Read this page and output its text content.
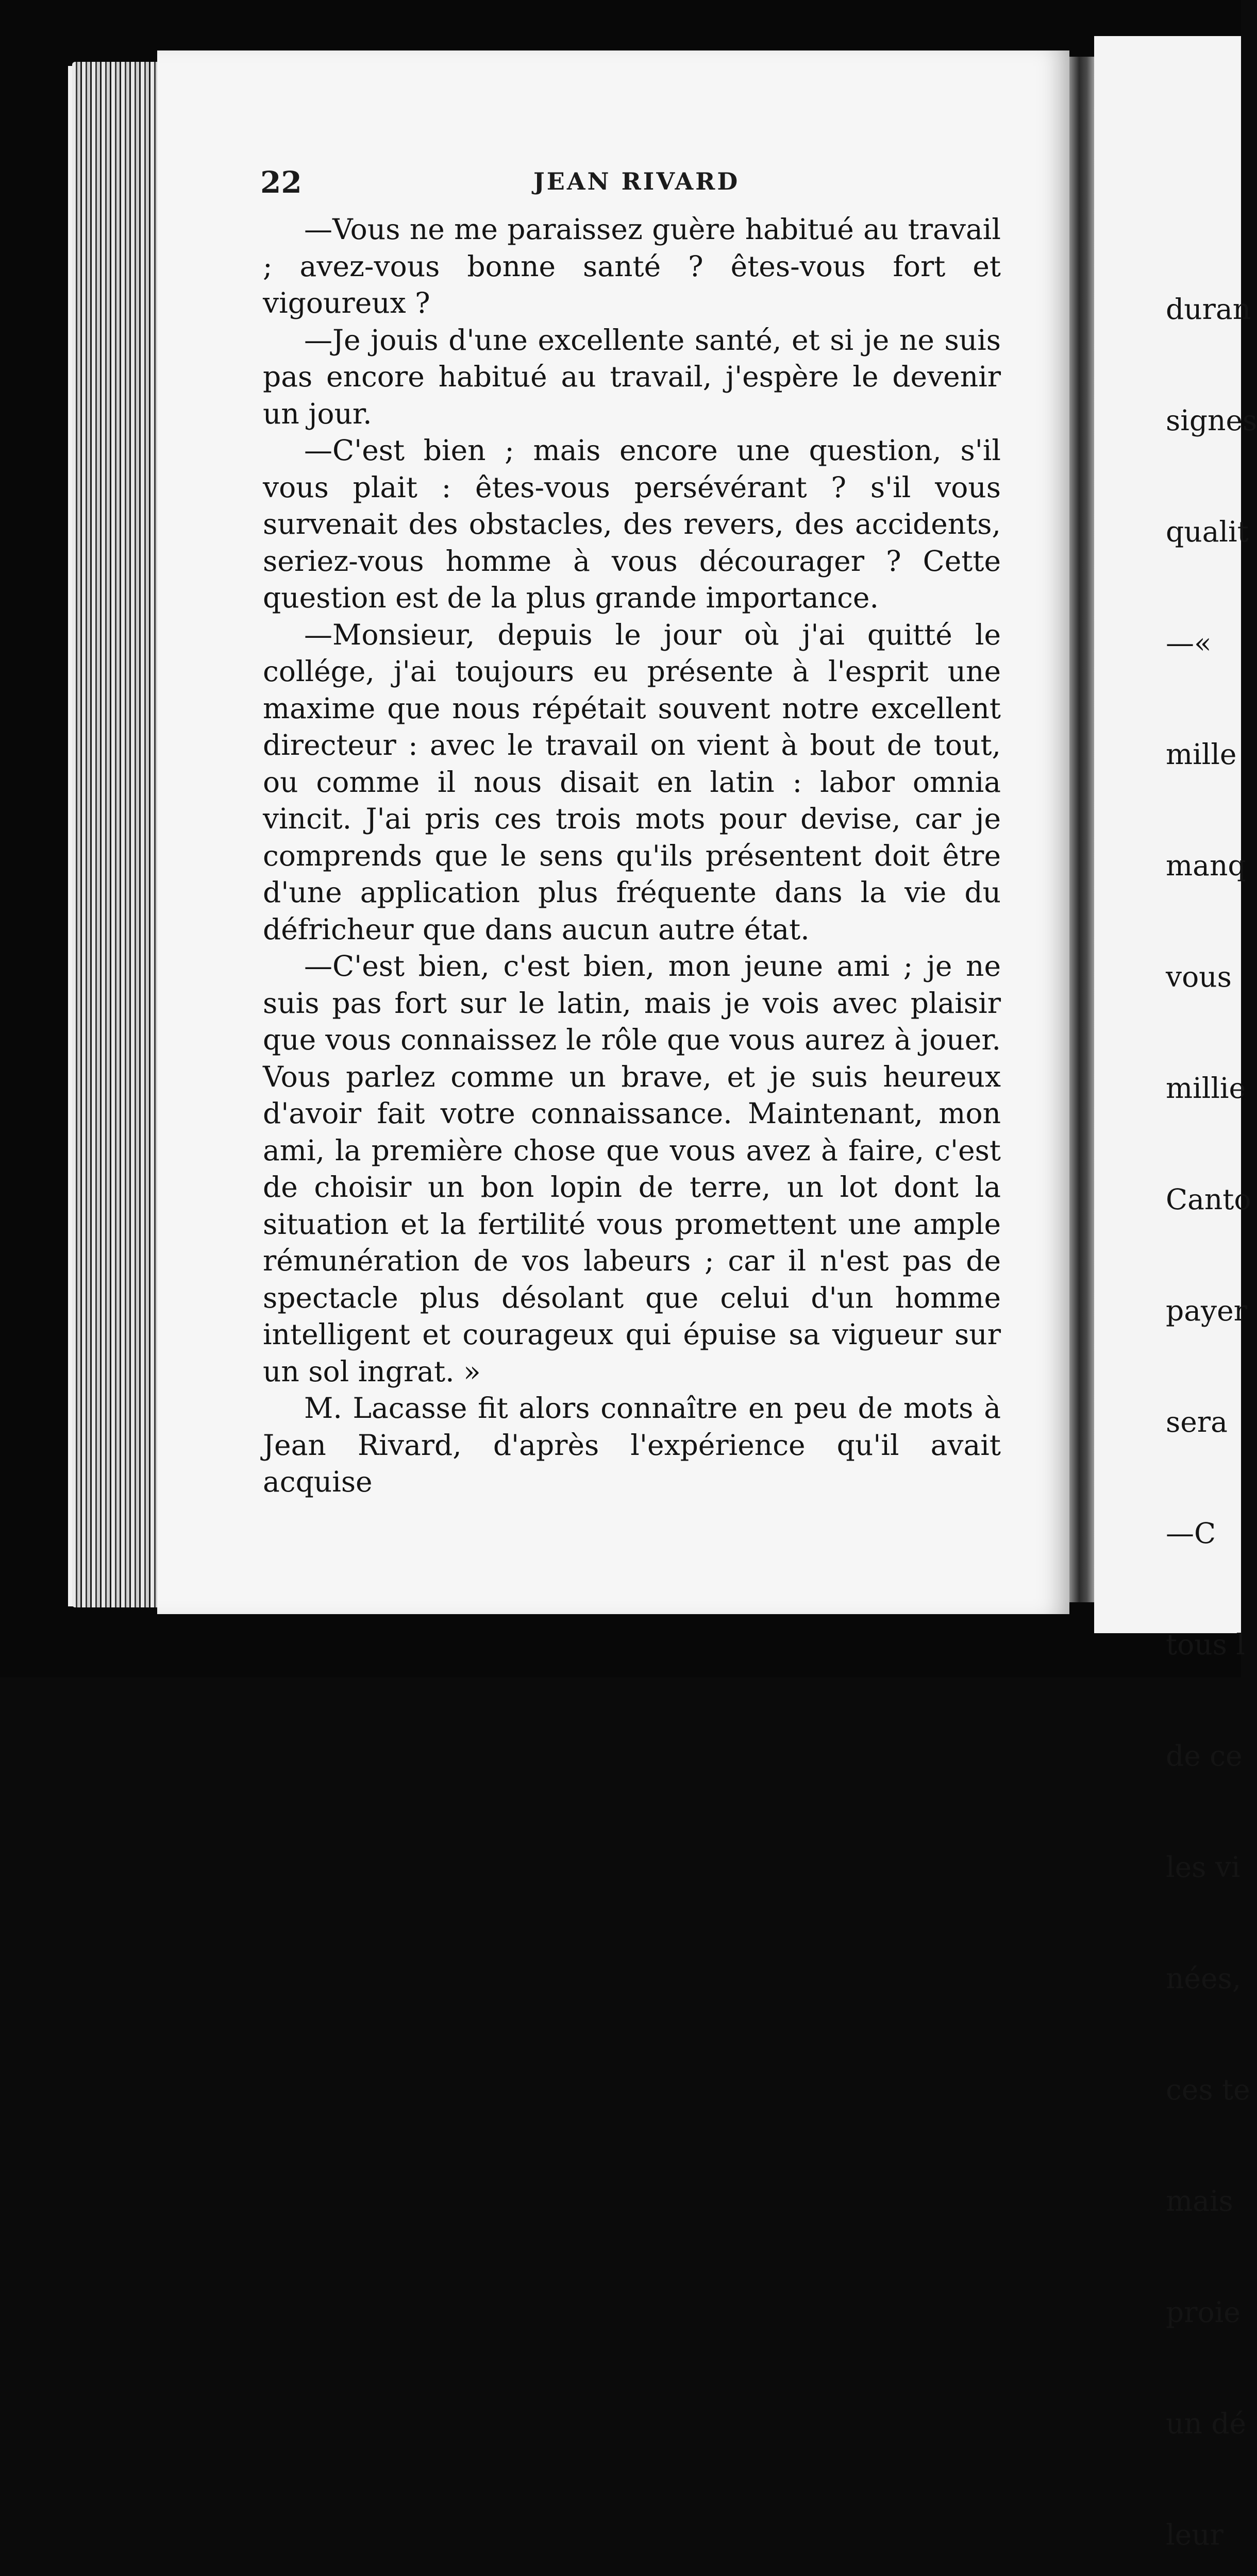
22	JEAN RIVARD

—Vous ne me paraissez guère habitué au travail ; avez-vous bonne santé ? êtes-vous fort et vigoureux ?

—Je jouis d'une excellente santé, et si je ne suis pas encore habitué au travail, j'espère le devenir un jour.

—C'est bien ; mais encore une question, s'il vous plait : êtes-vous persévérant ? s'il vous survenait des obstacles, des revers, des accidents, seriez-vous homme à vous décourager ? Cette question est de la plus grande importance.

—Monsieur, depuis le jour où j'ai quitté le collége, j'ai toujours eu présente à l'esprit une maxime que nous répétait souvent notre excellent directeur : avec le travail on vient à bout de tout, ou comme il nous disait en latin : labor omnia vincit. J'ai pris ces trois mots pour devise, car je comprends que le sens qu'ils présentent doit être d'une application plus fréquente dans la vie du défricheur que dans aucun autre état.

—C'est bien, c'est bien, mon jeune ami ; je ne suis pas fort sur le latin, mais je vois avec plaisir que vous connaissez le rôle que vous aurez à jouer. Vous parlez comme un brave, et je suis heureux d'avoir fait votre connaissance. Maintenant, mon ami, la première chose que vous avez à faire, c'est de choisir un bon lopin de terre, un lot dont la situation et la fertilité vous promettent une ample rémunération de vos labeurs ; car il n'est pas de spectacle plus désolant que celui d'un homme intelligent et courageux qui épuise sa vigueur sur un sol ingrat. »

M. Lacasse fit alors connaître en peu de mots à Jean Rivard, d'après l'expérience qu'il avait acquise

duran

signes

qualit

—«

mille

manq

vous

millie

Canto

payer

sera

—C

tous l

de ce

les vi

nées,

ces te

mais

proie

un dé

leur
